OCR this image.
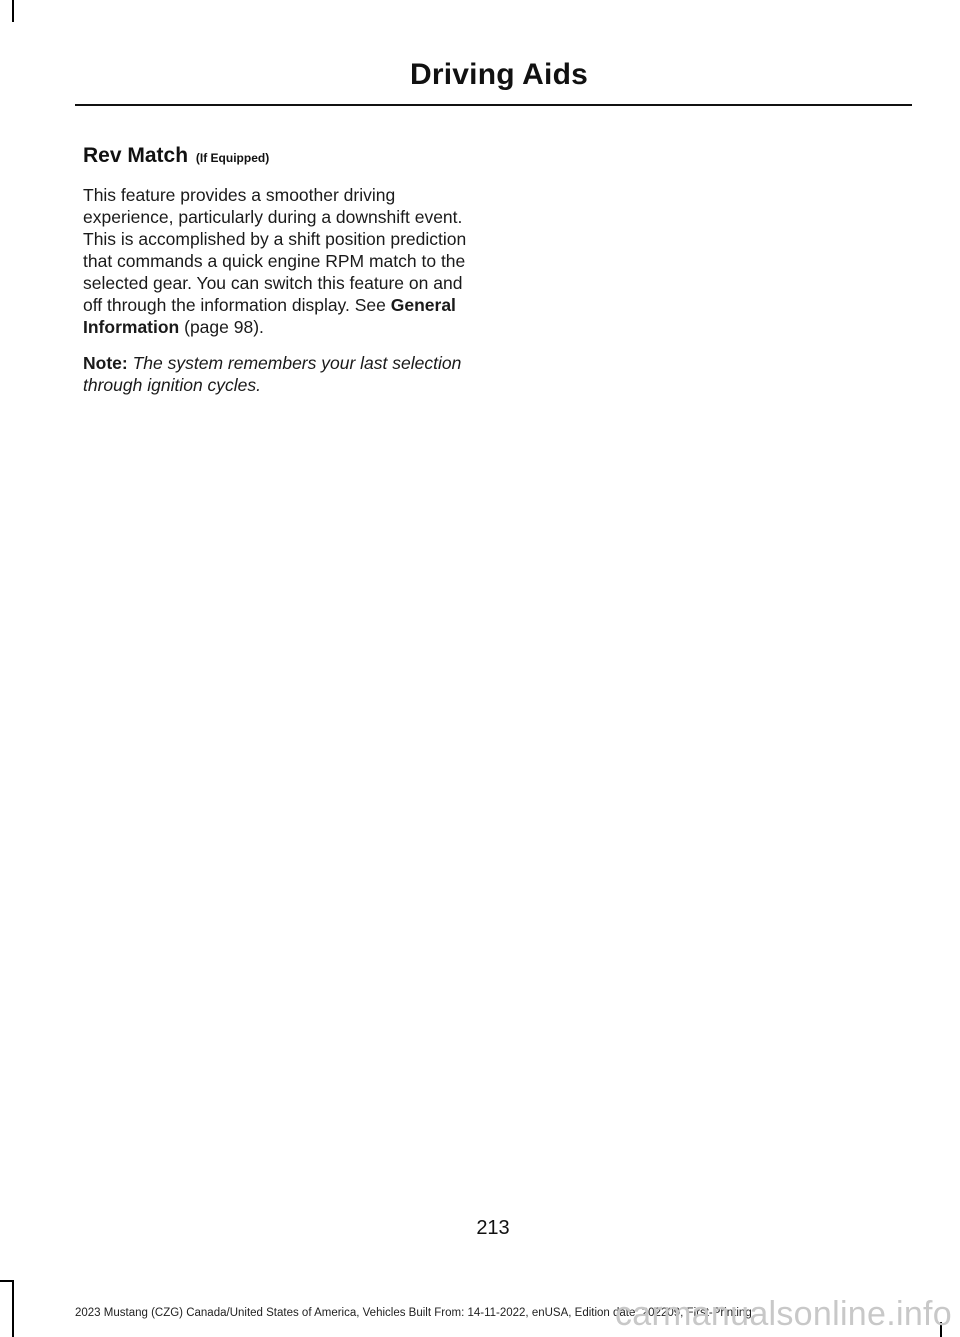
Driving Aids
Rev Match (If Equipped)

This feature provides a smoother driving experience, particularly during a downshift event. This is accomplished by a shift position prediction that commands a quick engine RPM match to the selected gear. You can switch this feature on and off through the information display. See General Information (page 98).

Note: The system remembers your last selection through ignition cycles.

213
2023 Mustang (CZG) Canada/United States of America, Vehicles Built From: 14-11-2022, enUSA, Edition date: 202209, First-Printing
carmanualsonline.info
